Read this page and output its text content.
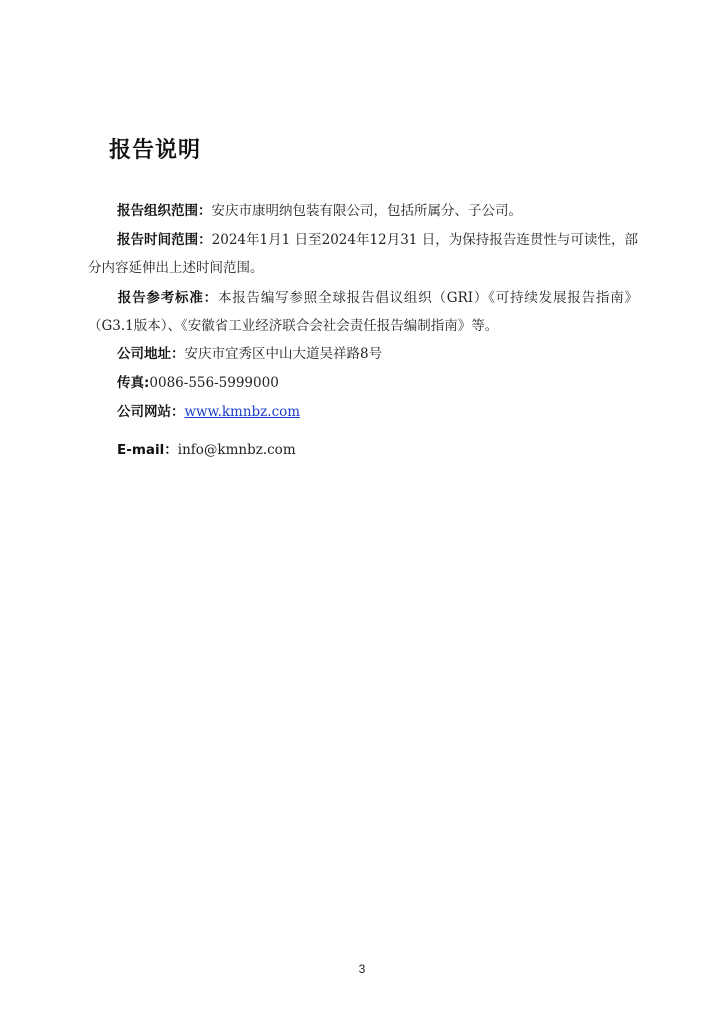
报告说明
报告组织范围：安庆市康明纳包装有限公司，包括所属分、子公司。
报告时间范围：2024年1月1 日至2024年12月31 日，为保持报告连贯性与可读性，部分内容延伸出上述时间范围。
报告参考标准：本报告编写参照全球报告倡议组织（GRI）《可持续发展报告指南》（G3.1版本）、《安徽省工业经济联合会社会责任报告编制指南》等。
公司地址：安庆市宜秀区中山大道吴祥路8号
传真:0086-556-5999000
公司网站：www.kmnbz.com
E-mail：info@kmnbz.com
3
